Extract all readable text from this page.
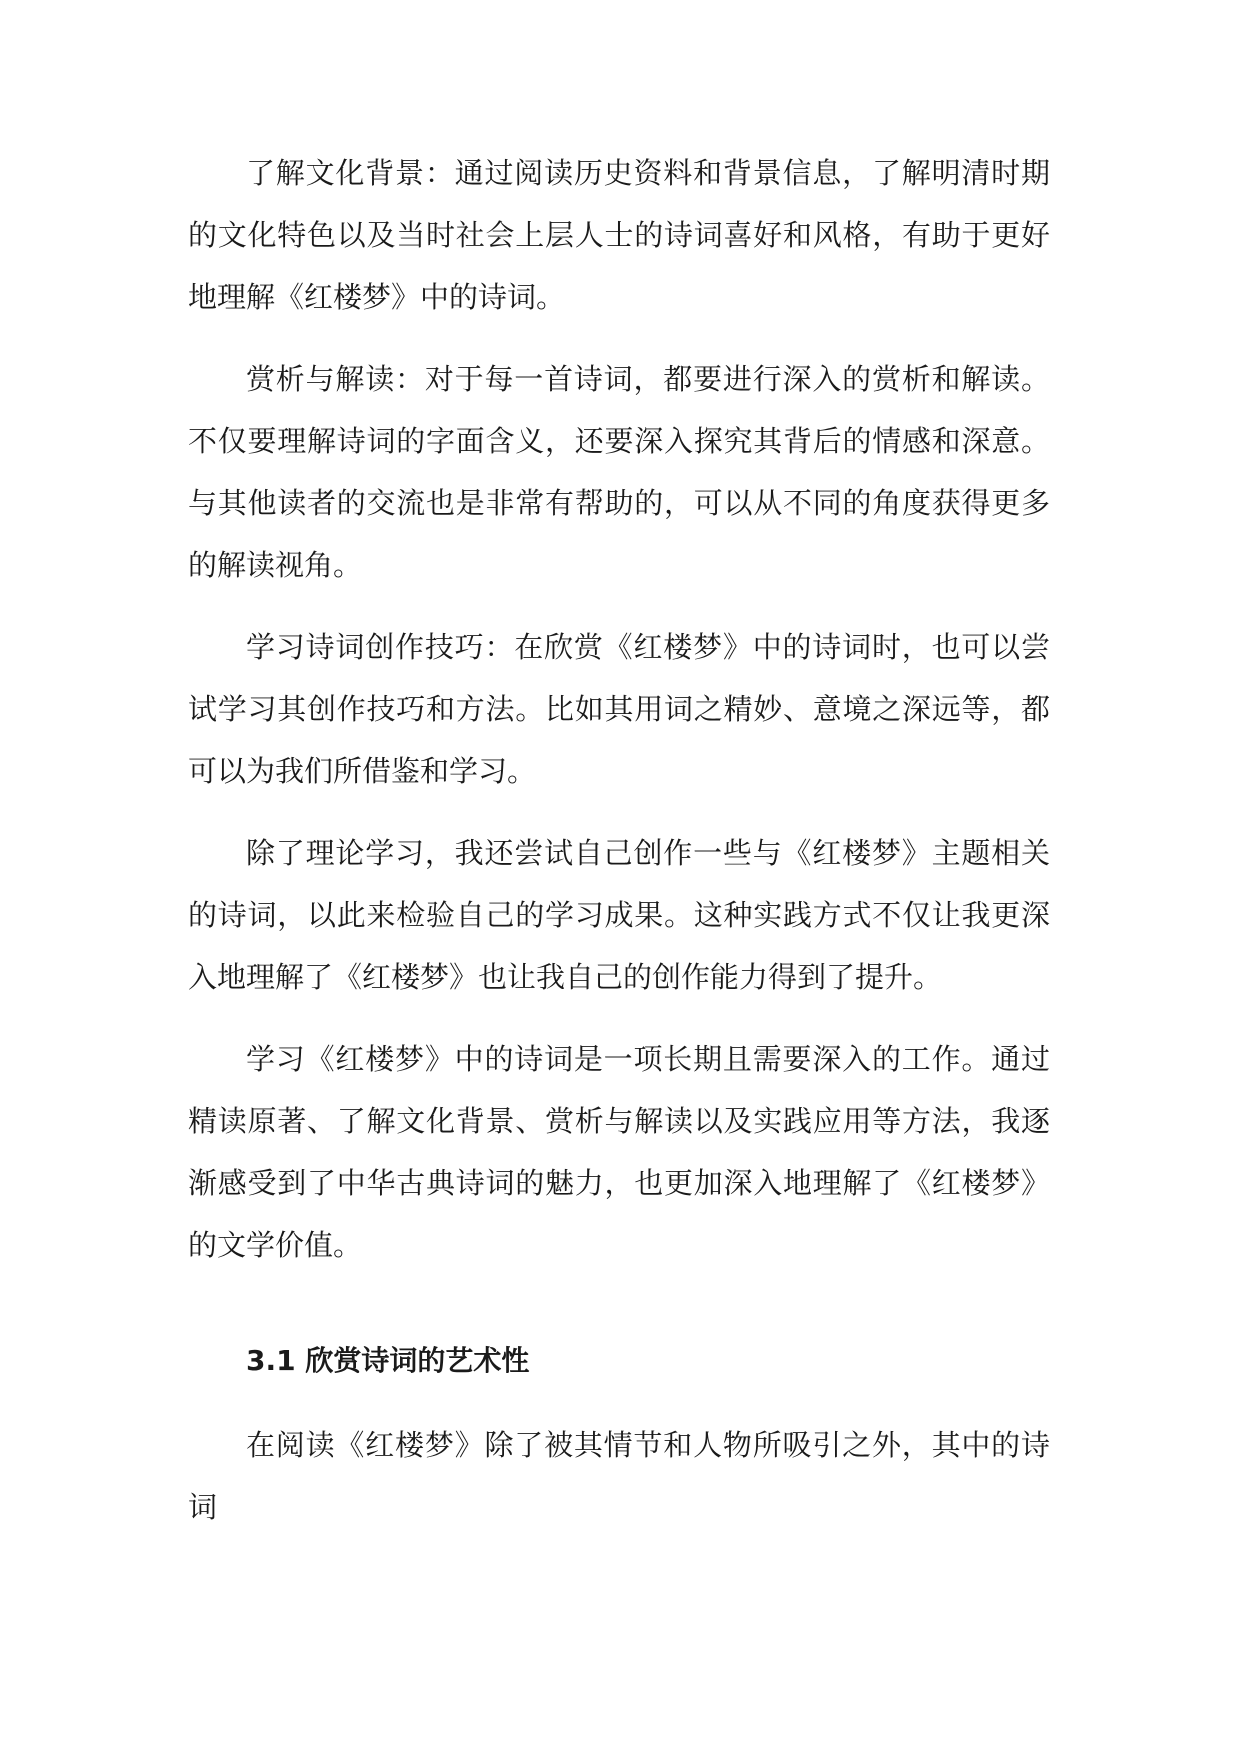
了解文化背景：通过阅读历史资料和背景信息，了解明清时期的文化特色以及当时社会上层人士的诗词喜好和风格，有助于更好地理解《红楼梦》中的诗词。

赏析与解读：对于每一首诗词，都要进行深入的赏析和解读。不仅要理解诗词的字面含义，还要深入探究其背后的情感和深意。与其他读者的交流也是非常有帮助的，可以从不同的角度获得更多的解读视角。

学习诗词创作技巧：在欣赏《红楼梦》中的诗词时，也可以尝试学习其创作技巧和方法。比如其用词之精妙、意境之深远等，都可以为我们所借鉴和学习。

除了理论学习，我还尝试自己创作一些与《红楼梦》主题相关的诗词，以此来检验自己的学习成果。这种实践方式不仅让我更深入地理解了《红楼梦》也让我自己的创作能力得到了提升。

学习《红楼梦》中的诗词是一项长期且需要深入的工作。通过精读原著、了解文化背景、赏析与解读以及实践应用等方法，我逐渐感受到了中华古典诗词的魅力，也更加深入地理解了《红楼梦》的文学价值。

3.1 欣赏诗词的艺术性

在阅读《红楼梦》除了被其情节和人物所吸引之外，其中的诗词
